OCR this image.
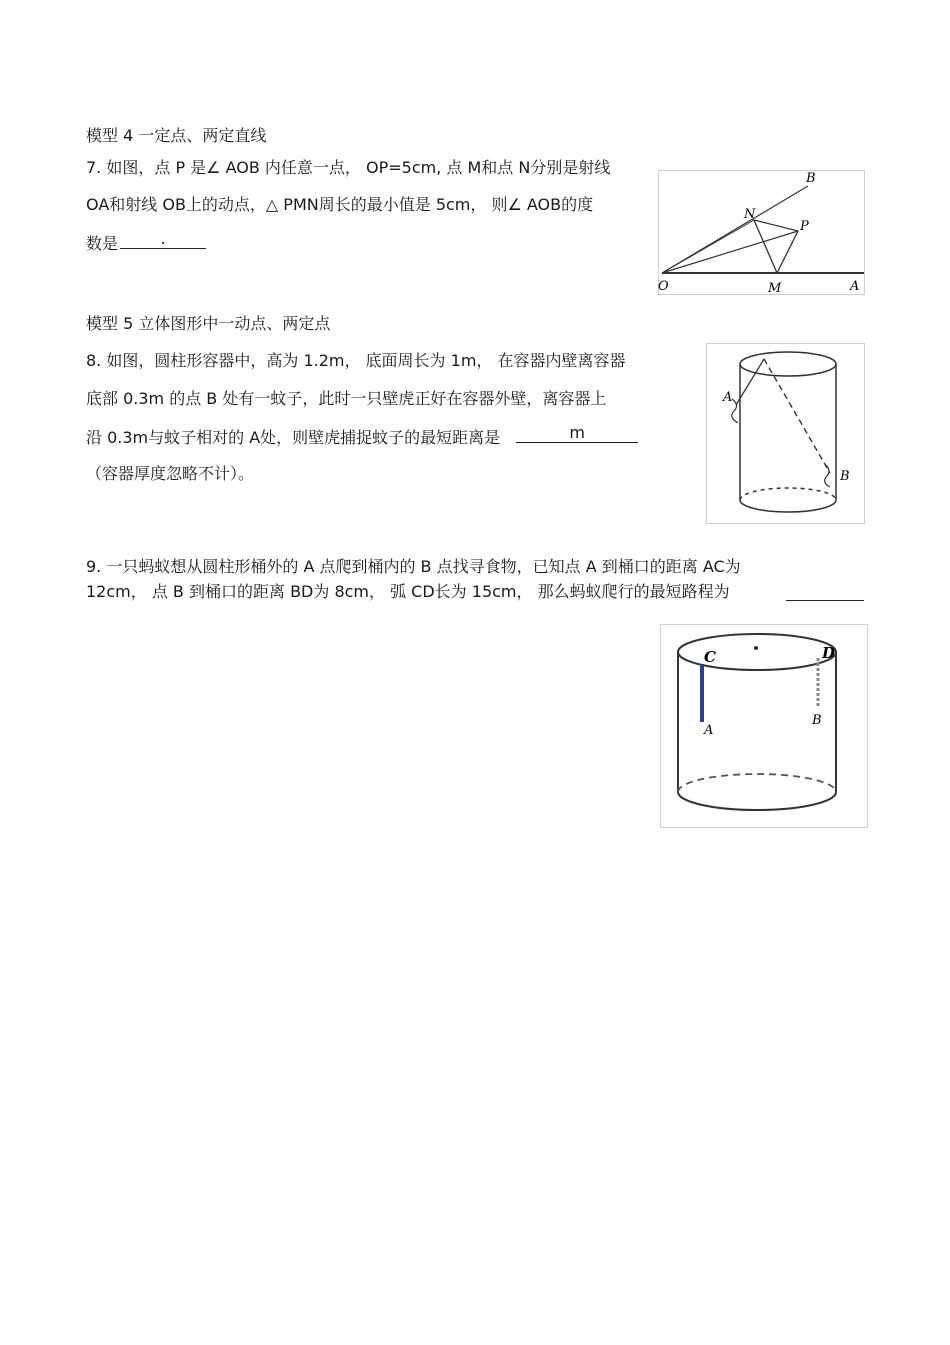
模型 4 一定点、两定直线
7. 如图，点 P 是∠ AOB 内任意一点， OP=5cm, 点 M和点 N分别是射线
OA和射线 OB上的动点，△ PMN周长的最小值是 5cm， 则∠ AOB的度
数是	.
B
N
P
O	M	A
模型 5 立体图形中一动点、两定点
8. 如图，圆柱形容器中，高为 1.2m， 底面周长为 1m， 在容器内壁离容器
底部 0.3m 的点 B 处有一蚊子，此时一只壁虎正好在容器外壁，离容器上
沿 0.3m与蚊子相对的 A处，则壁虎捕捉蚊子的最短距离是	m
（容器厚度忽略不计）。
A
B
9. 一只蚂蚁想从圆柱形桶外的 A 点爬到桶内的 B 点找寻食物，已知点 A 到桶口的距离 AC为
12cm， 点 B 到桶口的距离 BD为 8cm， 弧 CD长为 15cm， 那么蚂蚁爬行的最短路程为
C	D
A
B
